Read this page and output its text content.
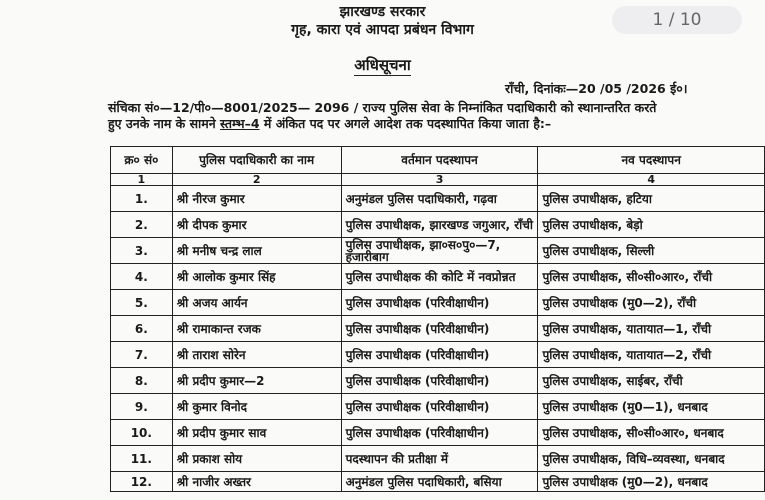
झारखण्ड सरकार
गृह, कारा एवं आपदा प्रबंधन विभाग	1 / 10
अधिसूचना
राँची, दिनांकः—20 /05 /2026 ई०।
संचिका सं०—12/पी०—8001/2025— 2096 / राज्य पुलिस सेवा के निम्नांकित पदाधिकारी को स्थानान्तरित करते हुए उनके नाम के सामने स्तम्भ–4 में अंकित पद पर अगले आदेश तक पदस्थापित किया जाता है:–
क्र० सं०	पुलिस पदाधिकारी का नाम	वर्तमान पदस्थापन	नव पदस्थापन
1	2	3	4
1.	श्री नीरज कुमार	अनुमंडल पुलिस पदाधिकारी, गढ़वा	पुलिस उपाधीक्षक, हटिया
2.	श्री दीपक कुमार	पुलिस उपाधीक्षक, झारखण्ड जगुआर, राँची	पुलिस उपाधीक्षक, बेड़ो
3.	श्री मनीष चन्द्र लाल	पुलिस उपाधीक्षक, झा०स०पु०—7, हजारीबाग	पुलिस उपाधीक्षक, सिल्ली
4.	श्री आलोक कुमार सिंह	पुलिस उपाधीक्षक की कोटि में नवप्रोन्नत	पुलिस उपाधीक्षक, सी०सी०आर०, राँची
5.	श्री अजय आर्यन	पुलिस उपाधीक्षक (परिवीक्षाधीन)	पुलिस उपाधीक्षक (मु0—2), राँची
6.	श्री रामाकान्त रजक	पुलिस उपाधीक्षक (परिवीक्षाधीन)	पुलिस उपाधीक्षक, यातायात—1, राँची
7.	श्री ताराश सोरेन	पुलिस उपाधीक्षक (परिवीक्षाधीन)	पुलिस उपाधीक्षक, यातायात—2, राँची
8.	श्री प्रदीप कुमार—2	पुलिस उपाधीक्षक (परिवीक्षाधीन)	पुलिस उपाधीक्षक, साईबर, राँची
9.	श्री कुमार विनोद	पुलिस उपाधीक्षक (परिवीक्षाधीन)	पुलिस उपाधीक्षक (मु0—1), धनबाद
10.	श्री प्रदीप कुमार साव	पुलिस उपाधीक्षक (परिवीक्षाधीन)	पुलिस उपाधीक्षक, सी०सी०आर०, धनबाद
11.	श्री प्रकाश सोय	पदस्थापन की प्रतीक्षा में	पुलिस उपाधीक्षक, विधि–व्यवस्था, धनबाद
12.	श्री नाजीर अख्तर	अनुमंडल पुलिस पदाधिकारी, बसिया	पुलिस उपाधीक्षक (मु0—2), धनबाद
